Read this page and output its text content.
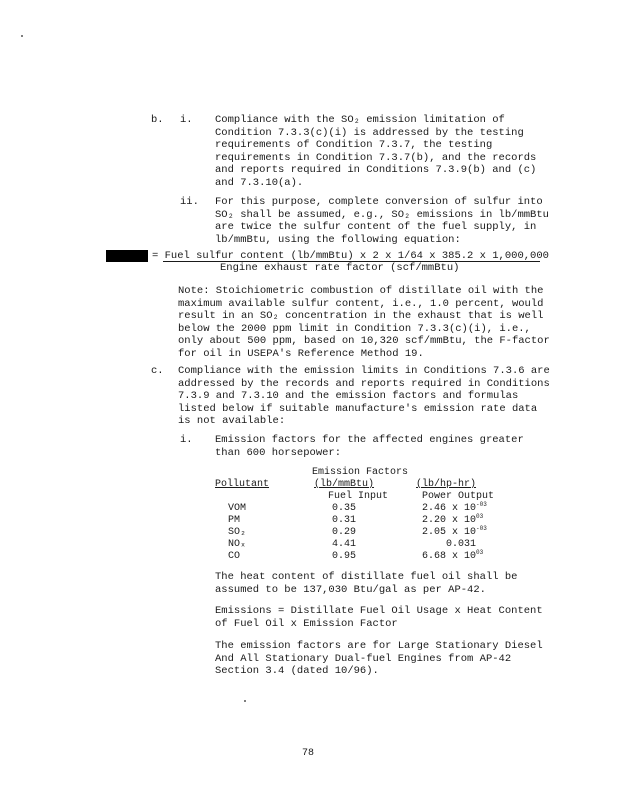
b. i. Compliance with the SO₂ emission limitation of
Condition 7.3.3(c)(i) is addressed by the testing
requirements of Condition 7.3.7, the testing
requirements in Condition 7.3.7(b), and the records
and reports required in Conditions 7.3.9(b) and (c)
and 7.3.10(a).
ii. For this purpose, complete conversion of sulfur into
SO₂ shall be assumed, e.g., SO₂ emissions in lb/mmBtu
are twice the sulfur content of the fuel supply, in
lb/mmBtu, using the following equation:
= Fuel sulfur content (lb/mmBtu) x 2 x 1/64 x 385.2 x 1,000,000
Engine exhaust rate factor (scf/mmBtu)
Note: Stoichiometric combustion of distillate oil with the
maximum available sulfur content, i.e., 1.0 percent, would
result in an SO₂ concentration in the exhaust that is well
below the 2000 ppm limit in Condition 7.3.3(c)(i), i.e.,
only about 500 ppm, based on 10,320 scf/mmBtu, the F-factor
for oil in USEPA's Reference Method 19.
c. Compliance with the emission limits in Conditions 7.3.6 are
addressed by the records and reports required in Conditions
7.3.9 and 7.3.10 and the emission factors and formulas
listed below if suitable manufacture's emission rate data
is not available:
i. Emission factors for the affected engines greater
than 600 horsepower:
Emission Factors
Pollutant	(lb/mmBtu)	(lb/hp-hr)
Fuel Input	Power Output
VOM	0.35	2.46 x $10^{-03}$
PM	0.31	2.20 x $10^{03}$
SO₂	0.29	2.05 x $10^{-03}$
NOₓ	4.41	0.031
CO	0.95	6.68 x $10^{03}$
The heat content of distillate fuel oil shall be
assumed to be 137,030 Btu/gal as per AP-42.
Emissions = Distillate Fuel Oil Usage x Heat Content
of Fuel Oil x Emission Factor
The emission factors are for Large Stationary Diesel
And All Stationary Dual-fuel Engines from AP-42
Section 3.4 (dated 10/96).
78
